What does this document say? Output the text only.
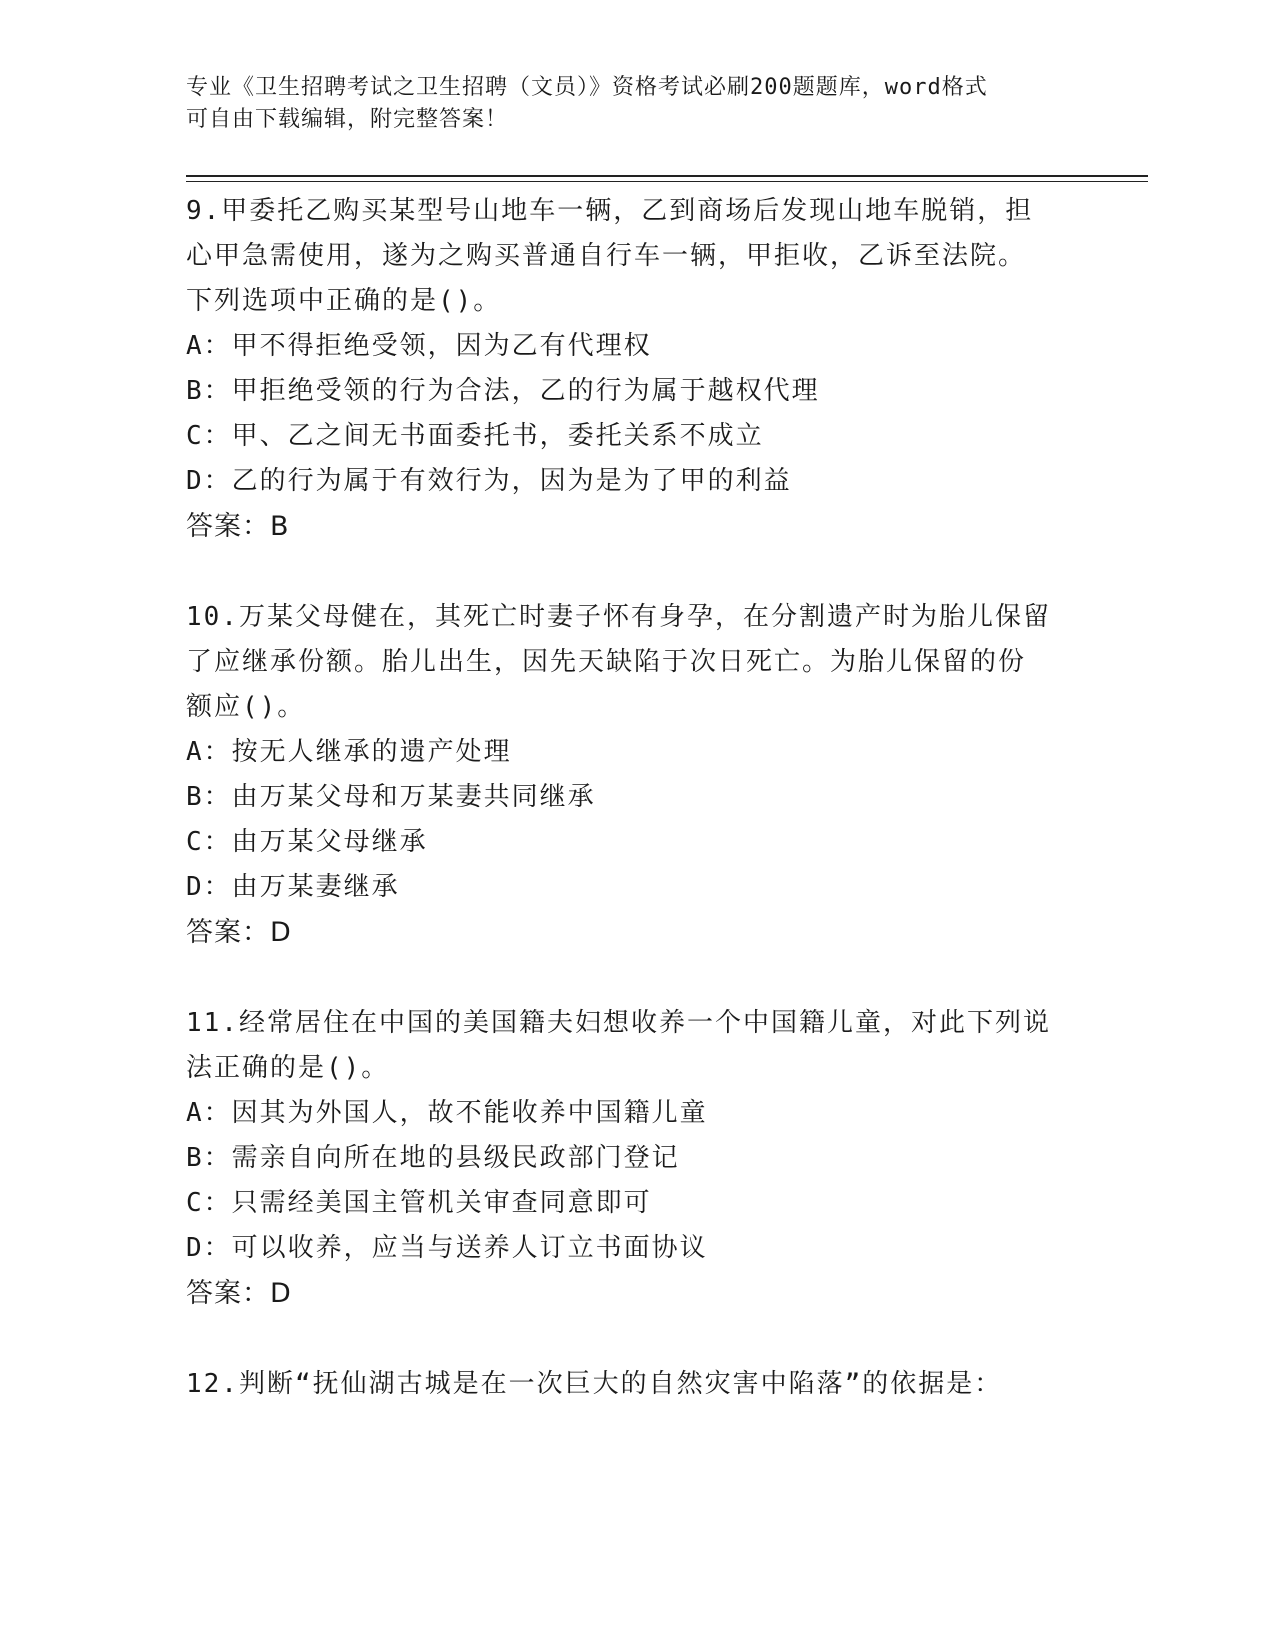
专业《卫生招聘考试之卫生招聘（文员）》资格考试必刷200题题库，word格式
可自由下载编辑，附完整答案！
9.甲委托乙购买某型号山地车一辆，乙到商场后发现山地车脱销，担
心甲急需使用，遂为之购买普通自行车一辆，甲拒收，乙诉至法院。
下列选项中正确的是()。
A：甲不得拒绝受领，因为乙有代理权
B：甲拒绝受领的行为合法，乙的行为属于越权代理
C：甲、乙之间无书面委托书，委托关系不成立
D：乙的行为属于有效行为，因为是为了甲的利益
答案：B
10.万某父母健在，其死亡时妻子怀有身孕，在分割遗产时为胎儿保留
了应继承份额。胎儿出生，因先天缺陷于次日死亡。为胎儿保留的份
额应()。
A：按无人继承的遗产处理
B：由万某父母和万某妻共同继承
C：由万某父母继承
D：由万某妻继承
答案：D
11.经常居住在中国的美国籍夫妇想收养一个中国籍儿童，对此下列说
法正确的是()。
A：因其为外国人，故不能收养中国籍儿童
B：需亲自向所在地的县级民政部门登记
C：只需经美国主管机关审查同意即可
D：可以收养，应当与送养人订立书面协议
答案：D
12.判断“抚仙湖古城是在一次巨大的自然灾害中陷落”的依据是：
